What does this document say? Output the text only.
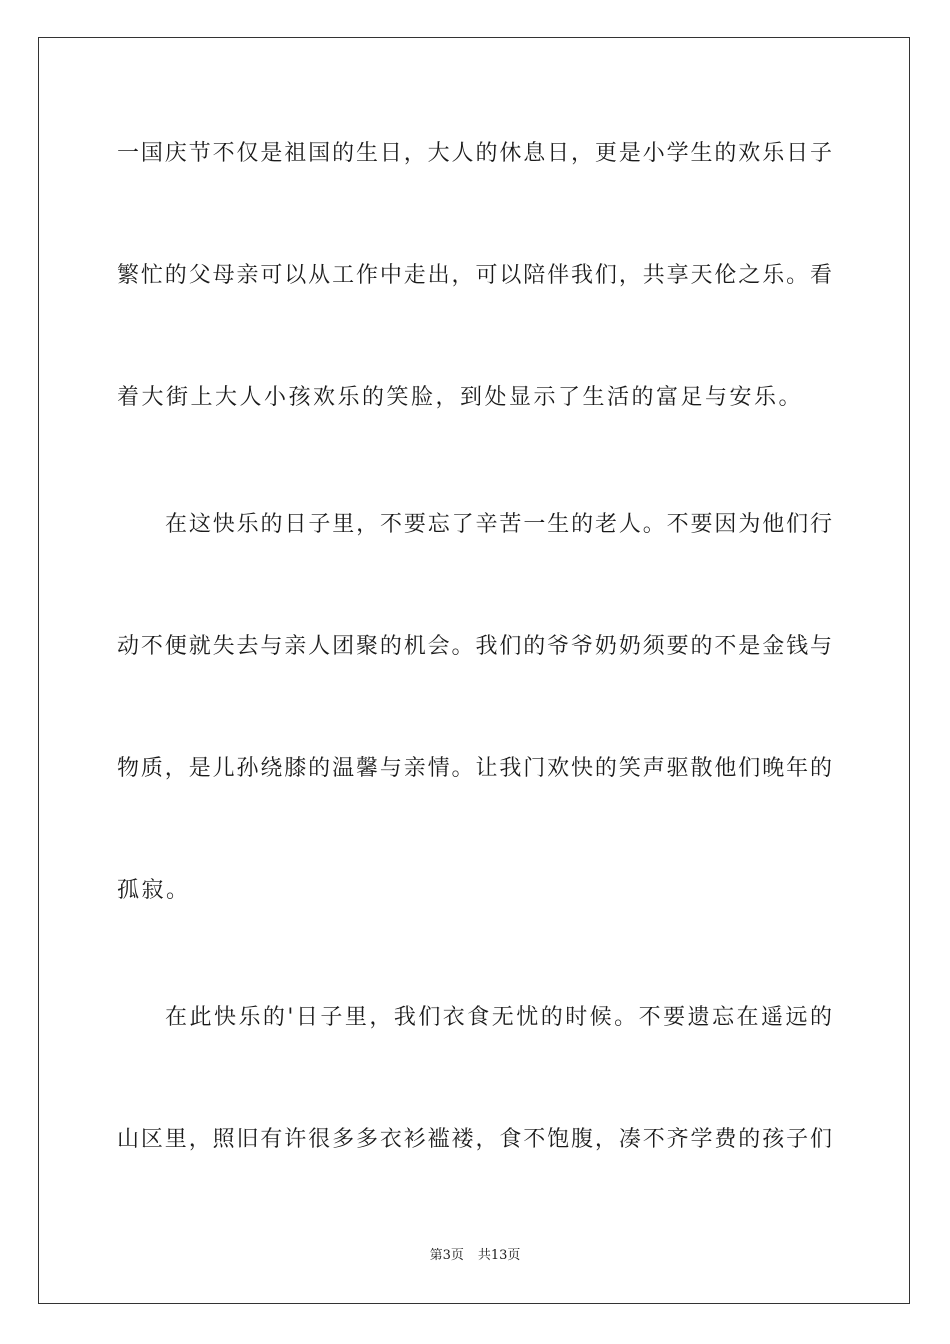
一国庆节不仅是祖国的生日，大人的休息日，更是小学生的欢乐日子
繁忙的父母亲可以从工作中走出，可以陪伴我们，共享天伦之乐。看
着大街上大人小孩欢乐的笑脸，到处显示了生活的富足与安乐。
在这快乐的日子里，不要忘了辛苦一生的老人。不要因为他们行
动不便就失去与亲人团聚的机会。我们的爷爷奶奶须要的不是金钱与
物质，是儿孙绕膝的温馨与亲情。让我门欢快的笑声驱散他们晚年的
孤寂。
在此快乐的'日子里，我们衣食无忧的时候。不要遗忘在遥远的
山区里，照旧有许很多多衣衫褴褛，食不饱腹，凑不齐学费的孩子们
第3页 共13页
